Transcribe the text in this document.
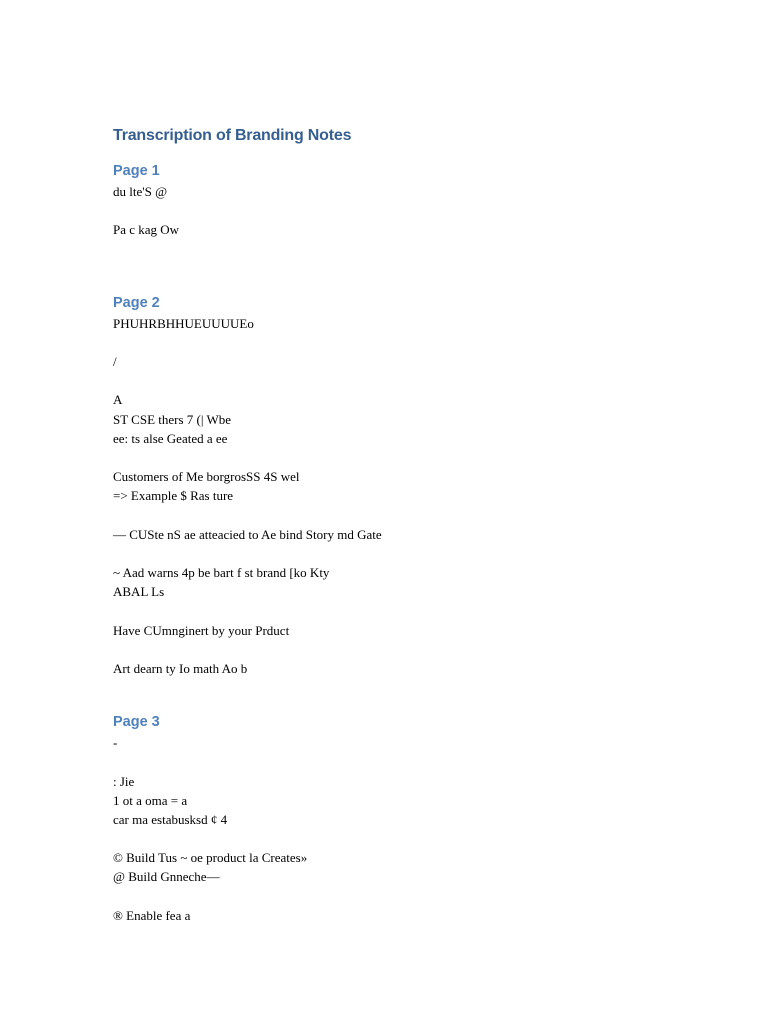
Transcription of Branding Notes
Page 1
du lte'S @
Pa c kag Ow
Page 2
PHUHRBHHUEUUUUEo
/
A
ST CSE thers 7 (| Wbe
ee: ts alse Geated a ee
Customers of Me borgrosSS 4S wel
=> Example $ Ras ture
— CUSte nS ae atteacied to Ae bind Story md Gate
~ Aad warns 4p be bart f st brand [ko Kty
ABAL Ls
Have CUmnginert by your Prduct
Art dearn ty Io math Ao b
Page 3
-
: Jie
1 ot a oma = a
car ma estabusksd ¢ 4
© Build Tus ~ oe product la Creates»
@ Build Gnneche—
® Enable fea a
